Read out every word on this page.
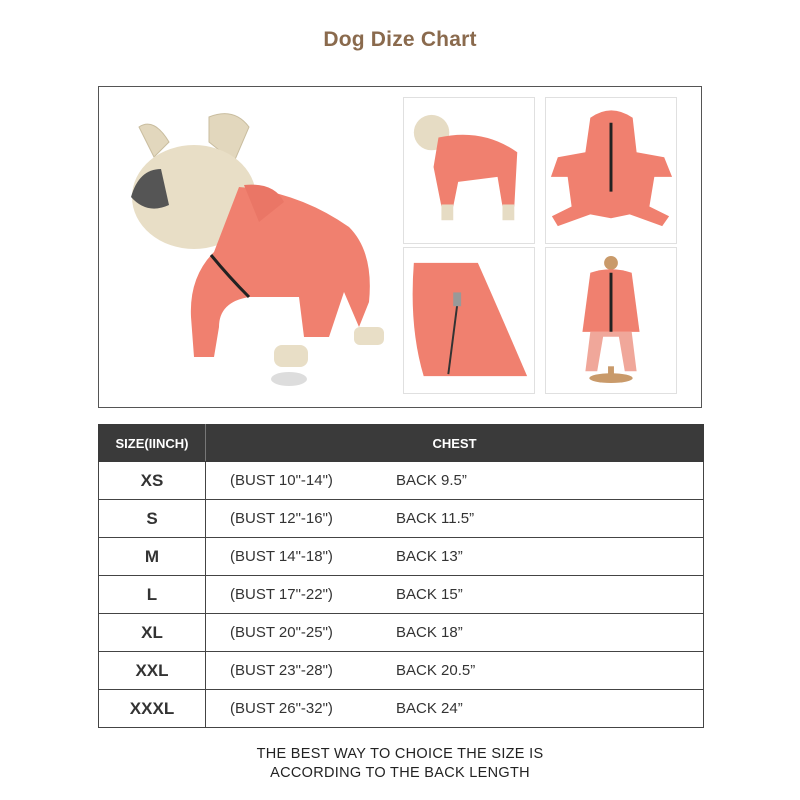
Dog Dize Chart
SIZE(IINCH)	CHEST
XS	(BUST 10"-14") BACK 9.5”

S	(BUST 12"-16") BACK 11.5”

M	(BUST 14"-18") BACK 13”

L	(BUST 17"-22") BACK 15”

XL	(BUST 20"-25") BACK 18”

XXL	(BUST 23"-28") BACK 20.5”

XXXL	(BUST 26"-32") BACK 24”
THE BEST WAY TO CHOICE THE SIZE IS
ACCORDING TO THE BACK LENGTH
